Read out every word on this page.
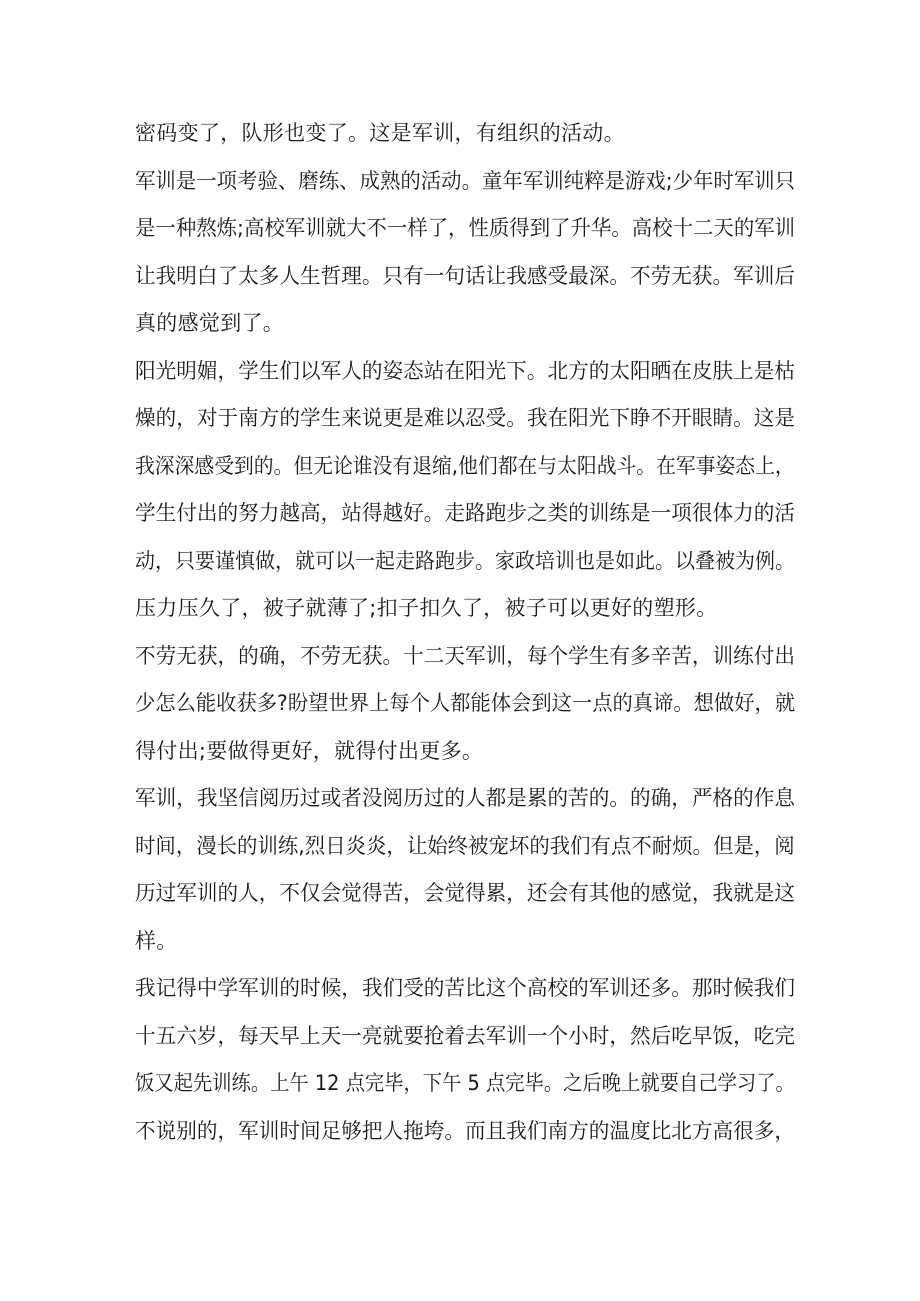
密码变了，队形也变了。这是军训，有组织的活动。
军训是一项考验、磨练、成熟的活动。童年军训纯粹是游戏;少年时军训只
是一种熬炼;高校军训就大不一样了，性质得到了升华。高校十二天的军训
让我明白了太多人生哲理。只有一句话让我感受最深。不劳无获。军训后
真的感觉到了。
阳光明媚，学生们以军人的姿态站在阳光下。北方的太阳晒在皮肤上是枯
燥的，对于南方的学生来说更是难以忍受。我在阳光下睁不开眼睛。这是
我深深感受到的。但无论谁没有退缩,他们都在与太阳战斗。在军事姿态上，
学生付出的努力越高，站得越好。走路跑步之类的训练是一项很体力的活
动，只要谨慎做，就可以一起走路跑步。家政培训也是如此。以叠被为例。
压力压久了，被子就薄了;扣子扣久了，被子可以更好的塑形。
不劳无获，的确，不劳无获。十二天军训，每个学生有多辛苦，训练付出
少怎么能收获多?盼望世界上每个人都能体会到这一点的真谛。想做好，就
得付出;要做得更好，就得付出更多。
军训，我坚信阅历过或者没阅历过的人都是累的苦的。的确，严格的作息
时间，漫长的训练,烈日炎炎，让始终被宠坏的我们有点不耐烦。但是，阅
历过军训的人，不仅会觉得苦，会觉得累，还会有其他的感觉，我就是这
样。
我记得中学军训的时候，我们受的苦比这个高校的军训还多。那时候我们
十五六岁，每天早上天一亮就要抢着去军训一个小时，然后吃早饭，吃完
饭又起先训练。上午 12 点完毕，下午 5 点完毕。之后晚上就要自己学习了。
不说别的，军训时间足够把人拖垮。而且我们南方的温度比北方高很多，
